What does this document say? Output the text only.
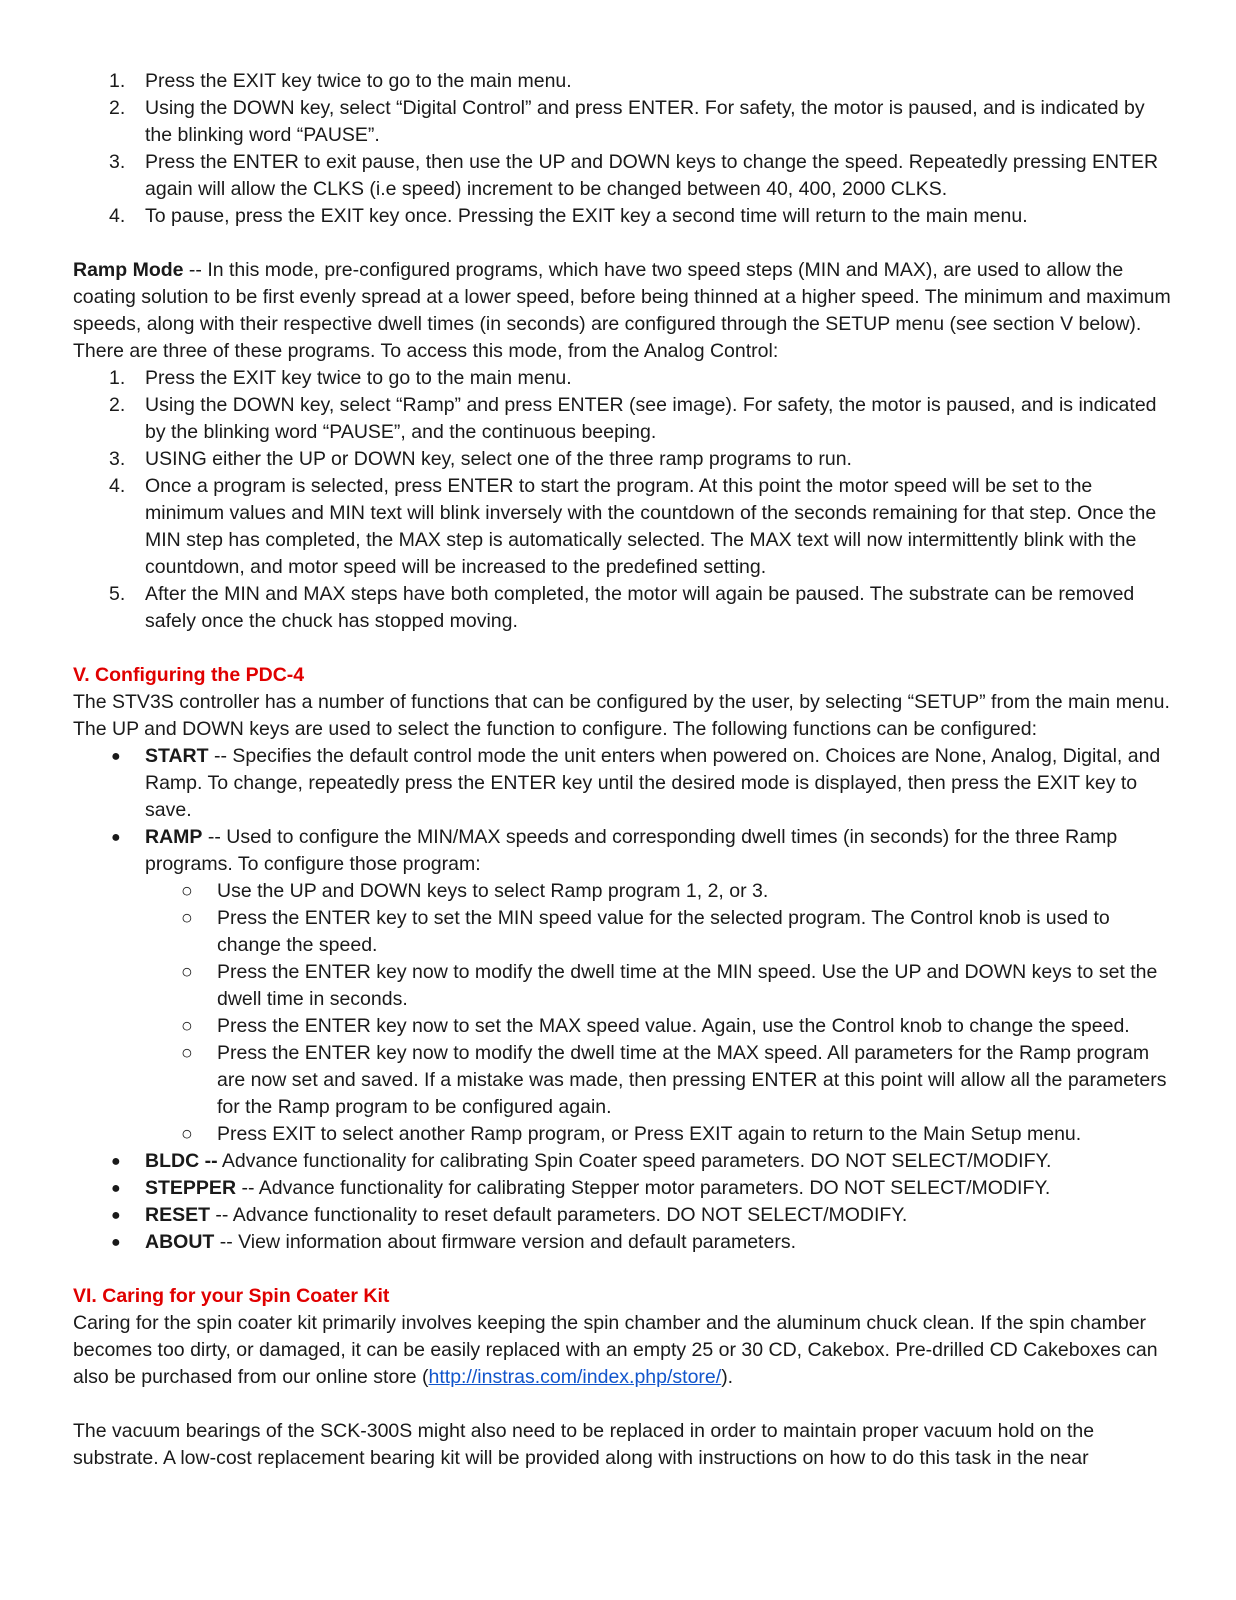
1. Press the EXIT key twice to go to the main menu.
2. Using the DOWN key, select “Digital Control” and press ENTER. For safety, the motor is paused, and is indicated by the blinking word “PAUSE”.
3. Press the ENTER to exit pause, then use the UP and DOWN keys to change the speed. Repeatedly pressing ENTER again will allow the CLKS (i.e speed) increment to be changed between 40, 400, 2000 CLKS.
4. To pause, press the EXIT key once. Pressing the EXIT key a second time will return to the main menu.

Ramp Mode -- In this mode, pre-configured programs, which have two speed steps (MIN and MAX), are used to allow the coating solution to be first evenly spread at a lower speed, before being thinned at a higher speed. The minimum and maximum speeds, along with their respective dwell times (in seconds) are configured through the SETUP menu (see section V below). There are three of these programs. To access this mode, from the Analog Control:

1. Press the EXIT key twice to go to the main menu.
2. Using the DOWN key, select “Ramp” and press ENTER (see image). For safety, the motor is paused, and is indicated by the blinking word “PAUSE”, and the continuous beeping.
3. USING either the UP or DOWN key, select one of the three ramp programs to run.
4. Once a program is selected, press ENTER to start the program. At this point the motor speed will be set to the minimum values and MIN text will blink inversely with the countdown of the seconds remaining for that step. Once the MIN step has completed, the MAX step is automatically selected. The MAX text will now intermittently blink with the countdown, and motor speed will be increased to the predefined setting.
5. After the MIN and MAX steps have both completed, the motor will again be paused. The substrate can be removed safely once the chuck has stopped moving.
V. Configuring the PDC-4

The STV3S controller has a number of functions that can be configured by the user, by selecting “SETUP” from the main menu. The UP and DOWN keys are used to select the function to configure. The following functions can be configured:

● START -- Specifies the default control mode the unit enters when powered on. Choices are None, Analog, Digital, and Ramp. To change, repeatedly press the ENTER key until the desired mode is displayed, then press the EXIT key to save.
● RAMP -- Used to configure the MIN/MAX speeds and corresponding dwell times (in seconds) for the three Ramp programs. To configure those program:
○ Use the UP and DOWN keys to select Ramp program 1, 2, or 3.
○ Press the ENTER key to set the MIN speed value for the selected program. The Control knob is used to change the speed.
○ Press the ENTER key now to modify the dwell time at the MIN speed. Use the UP and DOWN keys to set the dwell time in seconds.
○ Press the ENTER key now to set the MAX speed value. Again, use the Control knob to change the speed.
○ Press the ENTER key now to modify the dwell time at the MAX speed. All parameters for the Ramp program are now set and saved. If a mistake was made, then pressing ENTER at this point will allow all the parameters for the Ramp program to be configured again.
○ Press EXIT to select another Ramp program, or Press EXIT again to return to the Main Setup menu.
● BLDC -- Advance functionality for calibrating Spin Coater speed parameters. DO NOT SELECT/MODIFY.
● STEPPER -- Advance functionality for calibrating Stepper motor parameters. DO NOT SELECT/MODIFY.
● RESET -- Advance functionality to reset default parameters. DO NOT SELECT/MODIFY.
● ABOUT -- View information about firmware version and default parameters.
VI. Caring for your Spin Coater Kit

Caring for the spin coater kit primarily involves keeping the spin chamber and the aluminum chuck clean. If the spin chamber becomes too dirty, or damaged, it can be easily replaced with an empty 25 or 30 CD, Cakebox. Pre-drilled CD Cakeboxes can also be purchased from our online store (http://instras.com/index.php/store/).

The vacuum bearings of the SCK-300S might also need to be replaced in order to maintain proper vacuum hold on the substrate. A low-cost replacement bearing kit will be provided along with instructions on how to do this task in the near
